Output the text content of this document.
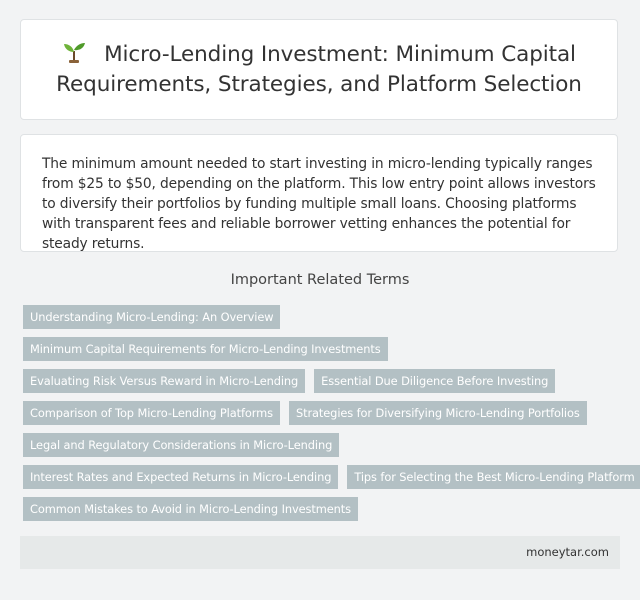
Micro-Lending Investment: Minimum Capital Requirements, Strategies, and Platform Selection

The minimum amount needed to start investing in micro-lending typically ranges from $25 to $50, depending on the platform. This low entry point allows investors to diversify their portfolios by funding multiple small loans. Choosing platforms with transparent fees and reliable borrower vetting enhances the potential for steady returns.

Important Related Terms
Understanding Micro-Lending: An Overview
Minimum Capital Requirements for Micro-Lending Investments
Evaluating Risk Versus Reward in Micro-Lending	Essential Due Diligence Before Investing
Comparison of Top Micro-Lending Platforms	Strategies for Diversifying Micro-Lending Portfolios
Legal and Regulatory Considerations in Micro-Lending
Interest Rates and Expected Returns in Micro-Lending	Tips for Selecting the Best Micro-Lending Platform
Common Mistakes to Avoid in Micro-Lending Investments
moneytar.com
